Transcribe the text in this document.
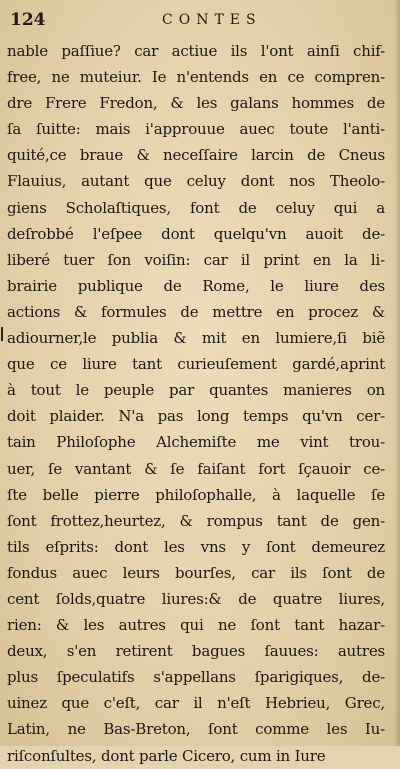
124	CONTES
nable paſſiue? car actiue ils l'ont ainſi chif-
free, ne muteiur. Ie n'entends en ce compren-
dre Frere Fredon, & les galans hommes de
ſa ſuitte: mais i'approuue auec toute l'anti-
quité,ce braue & neceſſaire larcin de Cneus
Flauius, autant que celuy dont nos Theolo-
giens Scholaſtiques, font de celuy qui a
deſrobbé l'eſpee dont quelqu'vn auoit de-
liberé tuer ſon voiſin: car il print en la li-
brairie publique de Rome, le liure des
actions & formules de mettre en procez &
adiourner,le publia & mit en lumiere,ſi biẽ
que ce liure tant curieuſement gardé,aprint
à tout le peuple par quantes manieres on
doit plaider. N'a pas long temps qu'vn cer-
tain Philoſophe Alchemiſte me vint trou-
uer, ſe vantant & ſe faiſant fort ſçauoir ce-
ſte belle pierre philoſophalle, à laquelle ſe
ſont frottez,heurtez, & rompus tant de gen-
tils eſprits: dont les vns y ſont demeurez
fondus auec leurs bourſes, car ils ſont de
cent ſolds,quatre liures:& de quatre liures,
rien: & les autres qui ne ſont tant hazar-
deux, s'en retirent bagues ſauues: autres
plus ſpeculatifs s'appellans ſparigiques, de-
uinez que c'eſt, car il n'eſt Hebrieu, Grec,
Latin, ne Bas-Breton, ſont comme les Iu-
riſconſultes, dont parle Cicero, cum in Iure
